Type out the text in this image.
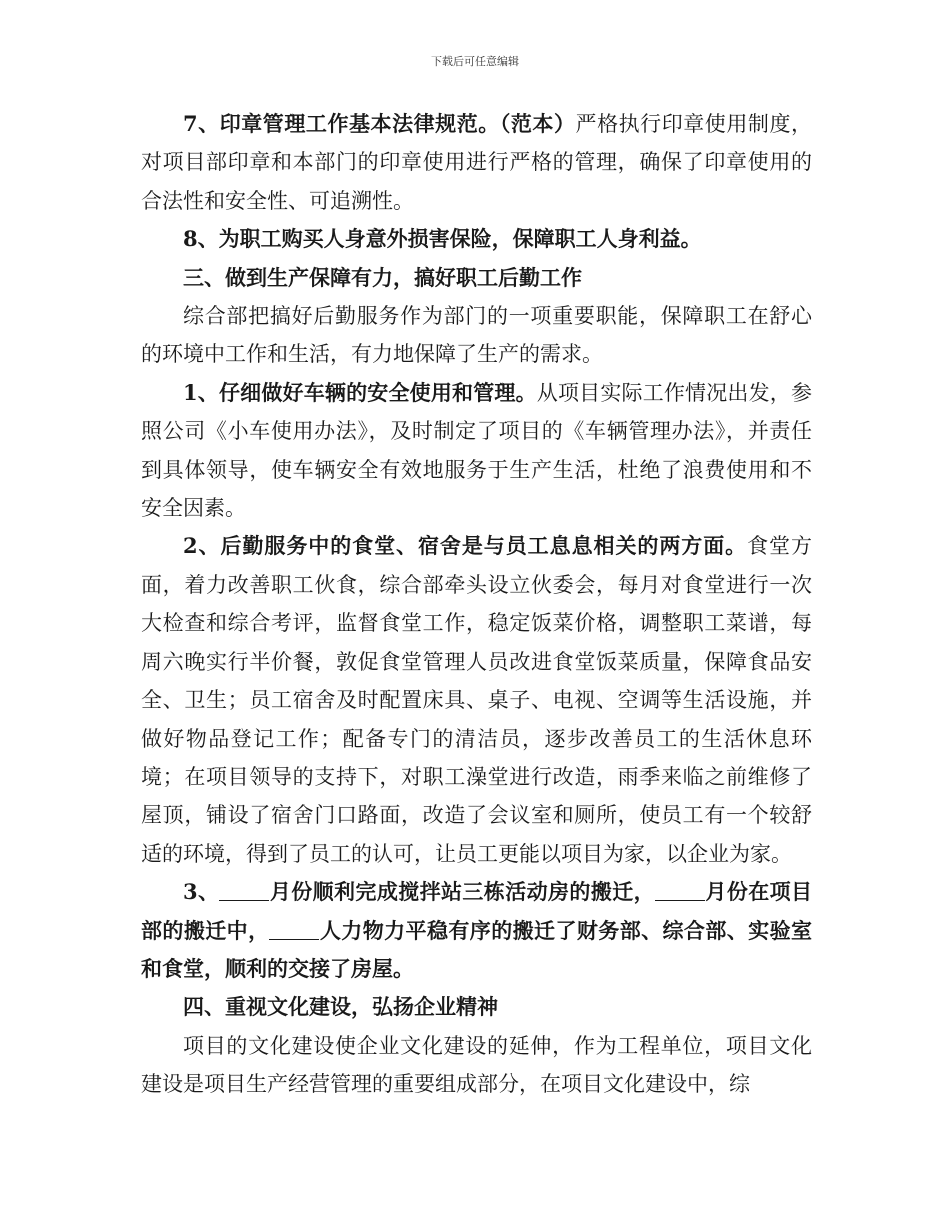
下载后可任意编辑

7、印章管理工作基本法律规范。（范本）严格执行印章使用制度，对项目部印章和本部门的印章使用进行严格的管理，确保了印章使用的合法性和安全性、可追溯性。

8、为职工购买人身意外损害保险，保障职工人身利益。

三、做到生产保障有力，搞好职工后勤工作

综合部把搞好后勤服务作为部门的一项重要职能，保障职工在舒心的环境中工作和生活，有力地保障了生产的需求。

1、仔细做好车辆的安全使用和管理。从项目实际工作情况出发，参照公司《小车使用办法》，及时制定了项目的《车辆管理办法》，并责任到具体领导，使车辆安全有效地服务于生产生活，杜绝了浪费使用和不安全因素。

2、后勤服务中的食堂、宿舍是与员工息息相关的两方面。食堂方面，着力改善职工伙食，综合部牵头设立伙委会，每月对食堂进行一次大检查和综合考评，监督食堂工作，稳定饭菜价格，调整职工菜谱，每周六晚实行半价餐，敦促食堂管理人员改进食堂饭菜质量，保障食品安全、卫生；员工宿舍及时配置床具、桌子、电视、空调等生活设施，并做好物品登记工作；配备专门的清洁员，逐步改善员工的生活休息环境；在项目领导的支持下，对职工澡堂进行改造，雨季来临之前维修了屋顶，铺设了宿舍门口路面，改造了会议室和厕所，使员工有一个较舒适的环境，得到了员工的认可，让员工更能以项目为家，以企业为家。

3、 月份顺利完成搅拌站三栋活动房的搬迁， 月份在项目部的搬迁中， 人力物力平稳有序的搬迁了财务部、综合部、实验室和食堂，顺利的交接了房屋。

四、重视文化建设，弘扬企业精神

项目的文化建设使企业文化建设的延伸，作为工程单位，项目文化建设是项目生产经营管理的重要组成部分，在项目文化建设中，综
